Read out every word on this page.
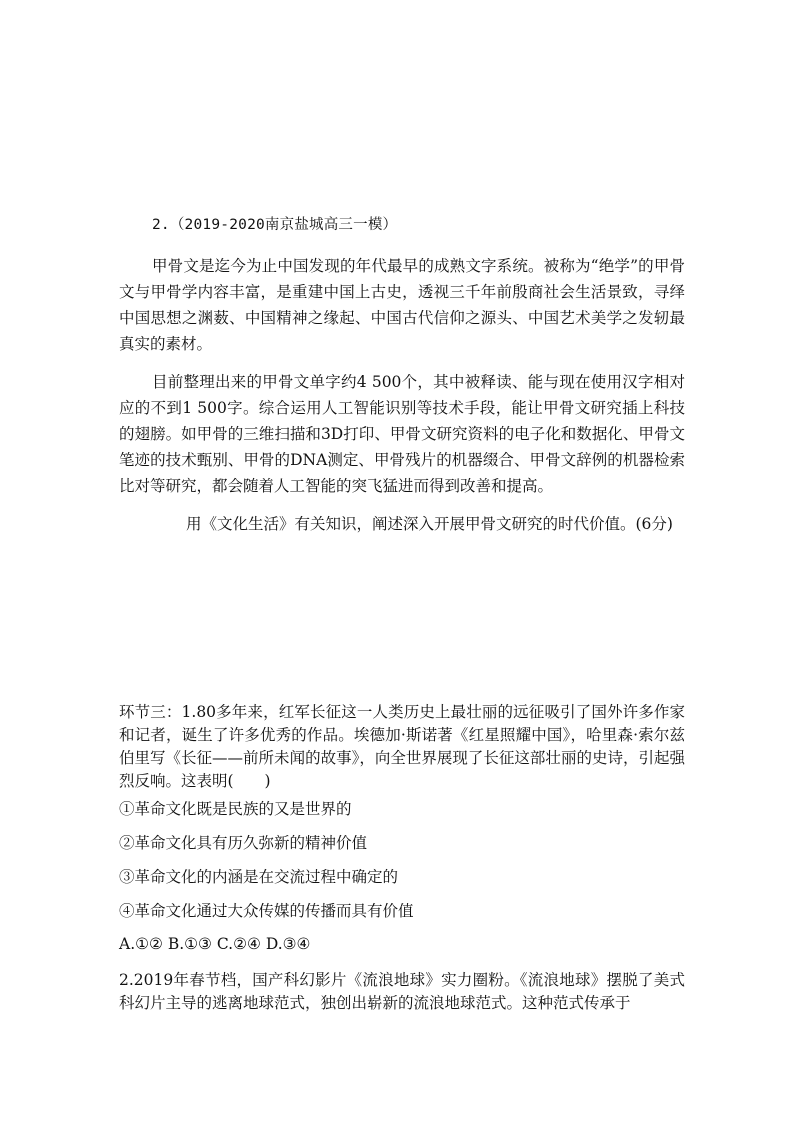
2.（2019-2020南京盐城高三一模）

甲骨文是迄今为止中国发现的年代最早的成熟文字系统。被称为“绝学”的甲骨文与甲骨学内容丰富，是重建中国上古史，透视三千年前殷商社会生活景致，寻绎中国思想之渊薮、中国精神之缘起、中国古代信仰之源头、中国艺术美学之发轫最真实的素材。

目前整理出来的甲骨文单字约4 500个，其中被释读、能与现在使用汉字相对应的不到1 500字。综合运用人工智能识别等技术手段，能让甲骨文研究插上科技的翅膀。如甲骨的三维扫描和3D打印、甲骨文研究资料的电子化和数据化、甲骨文笔迹的技术甄别、甲骨的DNA测定、甲骨残片的机器缀合、甲骨文辞例的机器检索比对等研究，都会随着人工智能的突飞猛进而得到改善和提高。

用《文化生活》有关知识，阐述深入开展甲骨文研究的时代价值。(6分)

环节三：1.80多年来，红军长征这一人类历史上最壮丽的远征吸引了国外许多作家和记者，诞生了许多优秀的作品。埃德加·斯诺著《红星照耀中国》，哈里森·索尔兹伯里写《长征——前所未闻的故事》，向全世界展现了长征这部壮丽的史诗，引起强烈反响。这表明(　　)

①革命文化既是民族的又是世界的

②革命文化具有历久弥新的精神价值

③革命文化的内涵是在交流过程中确定的

④革命文化通过大众传媒的传播而具有价值

A.①② B.①③ C.②④ D.③④

2.2019年春节档，国产科幻影片《流浪地球》实力圈粉。《流浪地球》摆脱了美式科幻片主导的逃离地球范式，独创出崭新的流浪地球范式。这种范式传承于
